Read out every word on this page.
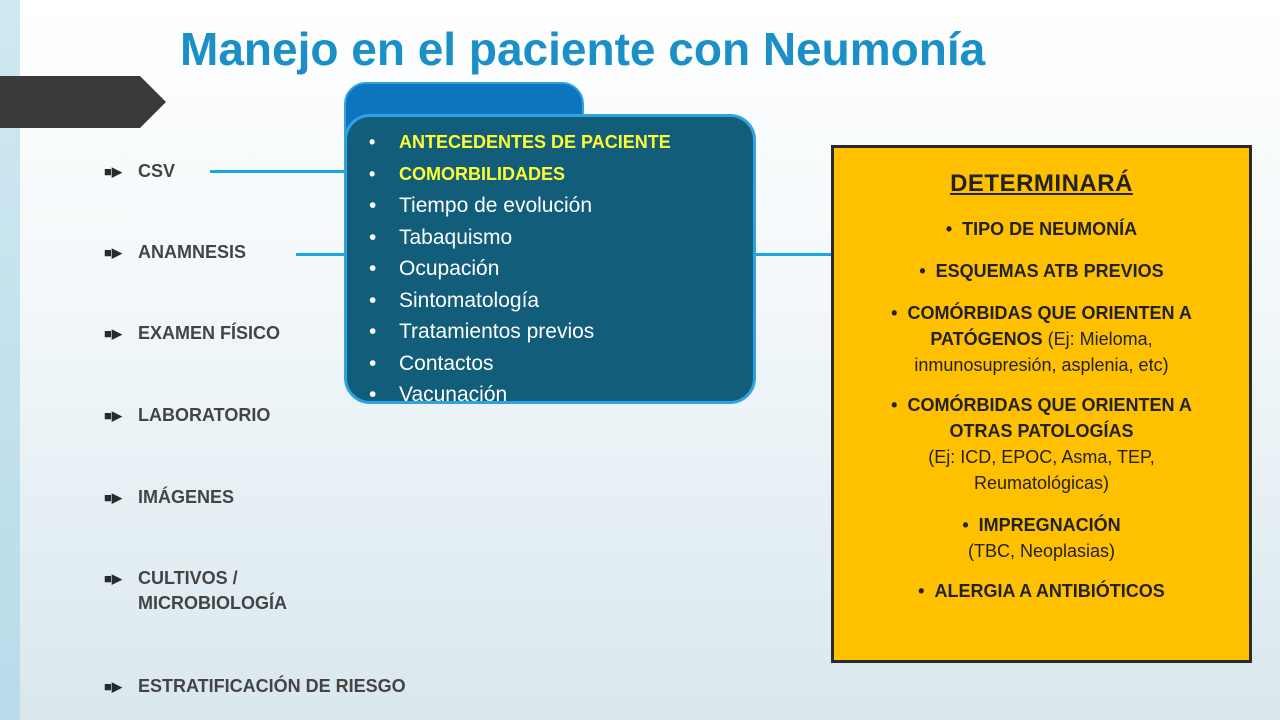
Manejo en el paciente con Neumonía
■▶ CSV
■▶ ANAMNESIS
■▶ EXAMEN FÍSICO
■▶ LABORATORIO
■▶ IMÁGENES
■▶ CULTIVOS /
MICROBIOLOGÍA
■▶ ESTRATIFICACIÓN DE RIESGO
• ANTECEDENTES DE PACIENTE
• COMORBILIDADES
• Tiempo de evolución
• Tabaquismo
• Ocupación
• Sintomatología
• Tratamientos previos
• Contactos
• Vacunación
DETERMINARÁ
• TIPO DE NEUMONÍA
• ESQUEMAS ATB PREVIOS
• COMÓRBIDAS QUE ORIENTEN A
PATÓGENOS (Ej: Mieloma,
inmunosupresión, asplenia, etc)
• COMÓRBIDAS QUE ORIENTEN A
OTRAS PATOLOGÍAS
(Ej: ICD, EPOC, Asma, TEP,
Reumatológicas)
• IMPREGNACIÓN
(TBC, Neoplasias)
• ALERGIA A ANTIBIÓTICOS
